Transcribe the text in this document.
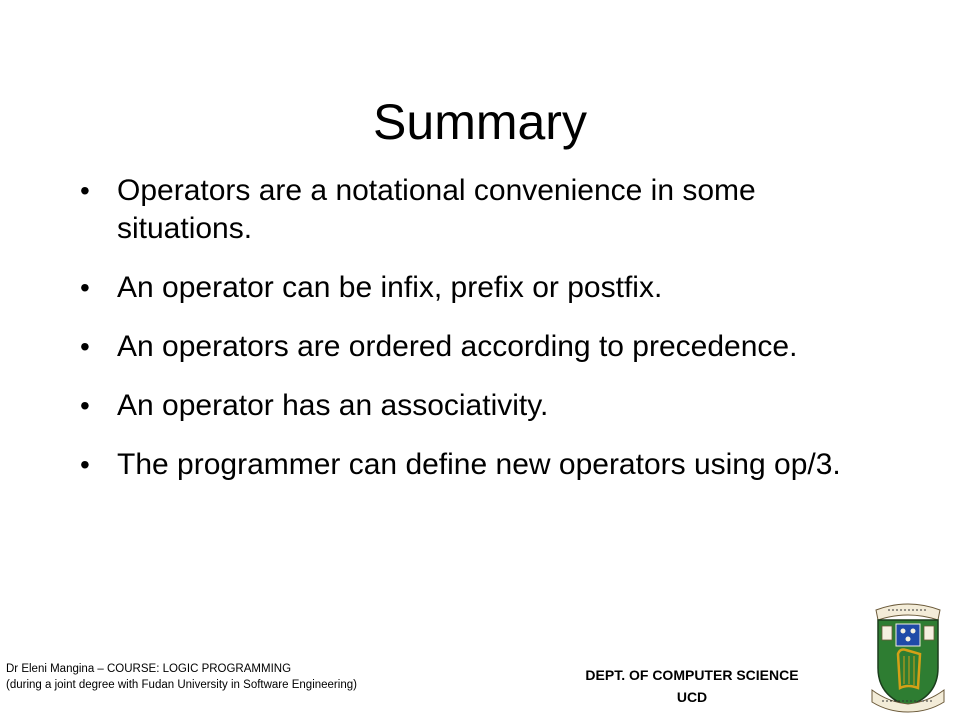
Summary
• Operators are a notational convenience in some situations.
• An operator can be infix, prefix or postfix.
• An operators are ordered according to precedence.
• An operator has an associativity.
• The programmer can define new operators using op/3.
Dr Eleni Mangina – COURSE: LOGIC PROGRAMMING
(during a joint degree with Fudan University in Software Engineering)
DEPT. OF COMPUTER SCIENCE
UCD
